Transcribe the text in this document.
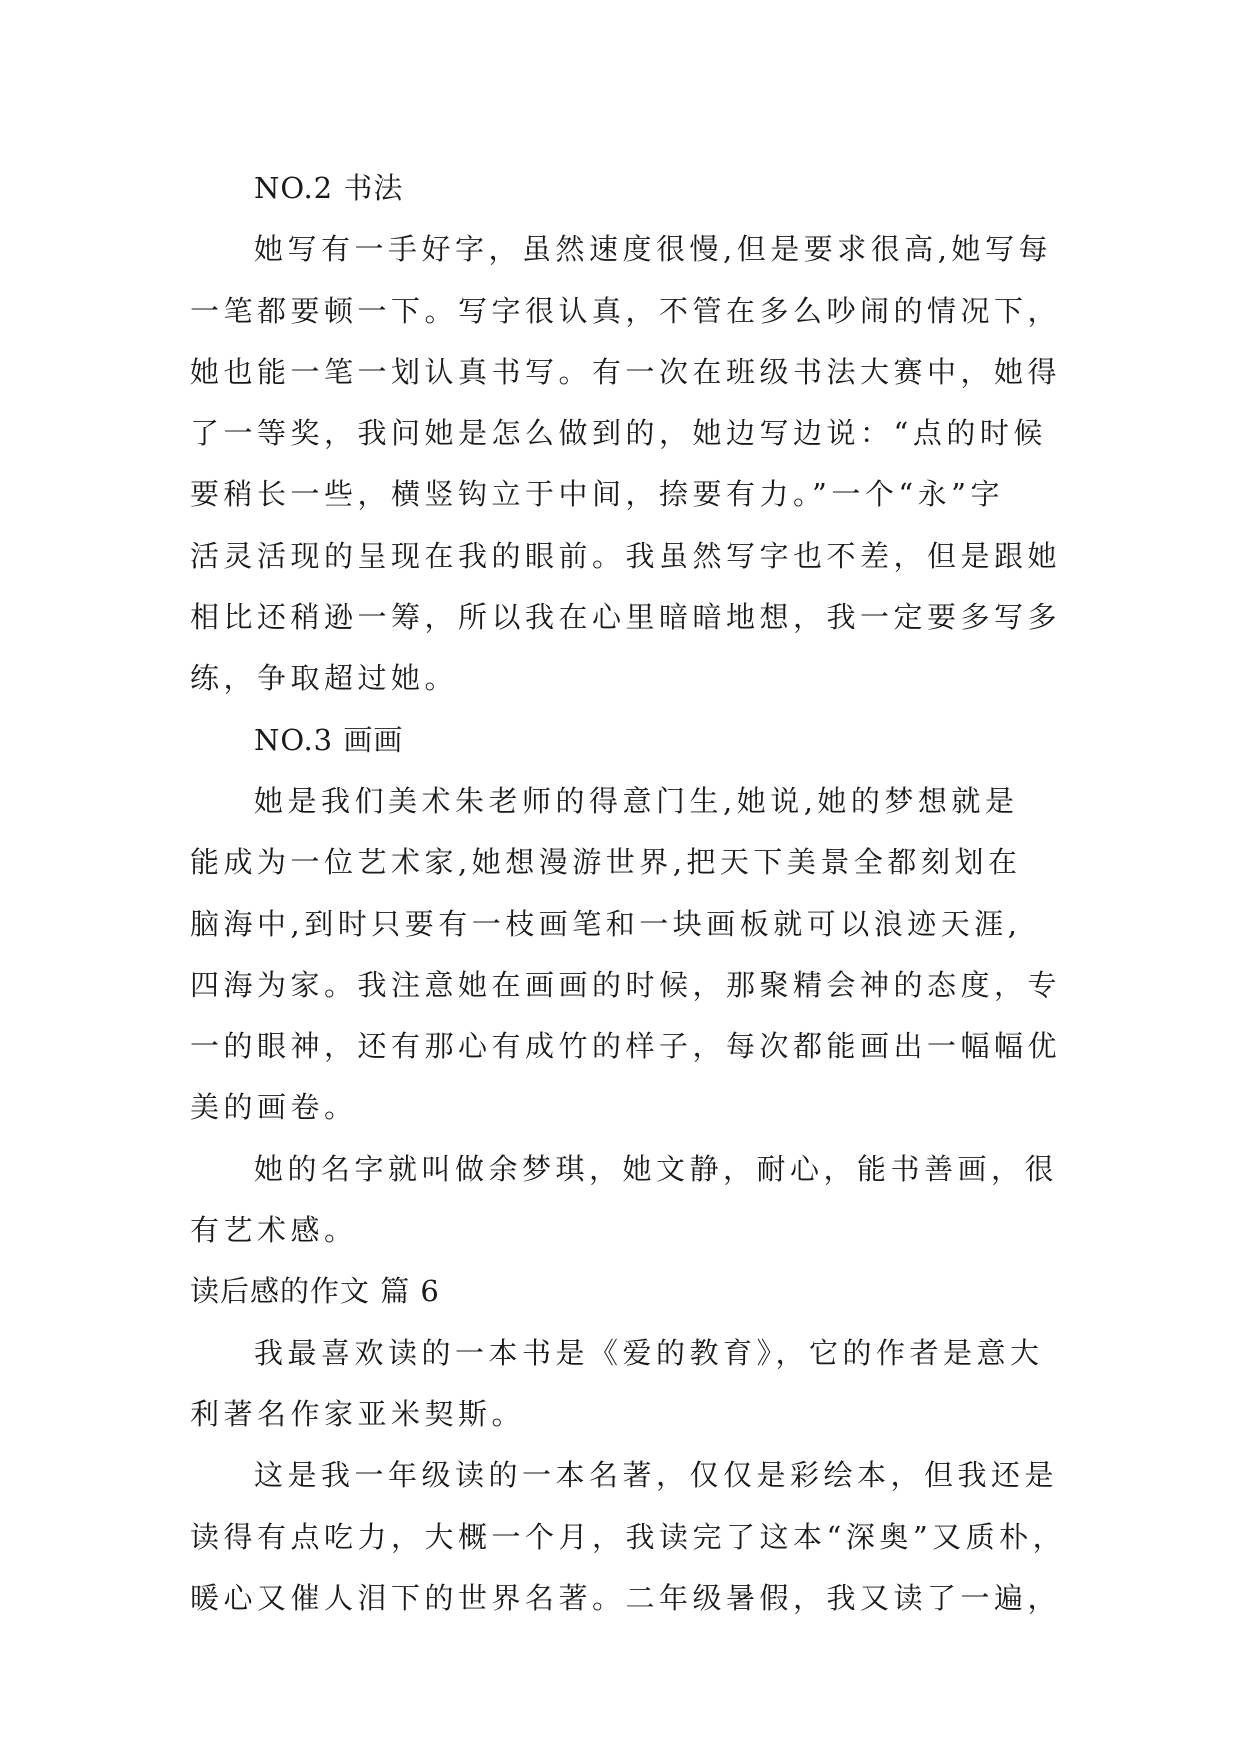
NO.2 书法
她写有一手好字，虽然速度很慢,但是要求很高,她写每
一笔都要顿一下。写字很认真，不管在多么吵闹的情况下，
她也能一笔一划认真书写。有一次在班级书法大赛中，她得
了一等奖，我问她是怎么做到的，她边写边说：“点的时候
要稍长一些，横竖钩立于中间，捺要有力。”一个“永”字
活灵活现的呈现在我的眼前。我虽然写字也不差，但是跟她
相比还稍逊一筹，所以我在心里暗暗地想，我一定要多写多
练，争取超过她。
NO.3 画画
她是我们美术朱老师的得意门生,她说,她的梦想就是
能成为一位艺术家,她想漫游世界,把天下美景全都刻划在
脑海中,到时只要有一枝画笔和一块画板就可以浪迹天涯,
四海为家。我注意她在画画的时候，那聚精会神的态度，专
一的眼神，还有那心有成竹的样子，每次都能画出一幅幅优
美的画卷。
她的名字就叫做余梦琪，她文静，耐心，能书善画，很
有艺术感。
读后感的作文 篇 6
我最喜欢读的一本书是《爱的教育》，它的作者是意大
利著名作家亚米契斯。
这是我一年级读的一本名著，仅仅是彩绘本，但我还是
读得有点吃力，大概一个月，我读完了这本“深奥”又质朴，
暖心又催人泪下的世界名著。二年级暑假，我又读了一遍，
